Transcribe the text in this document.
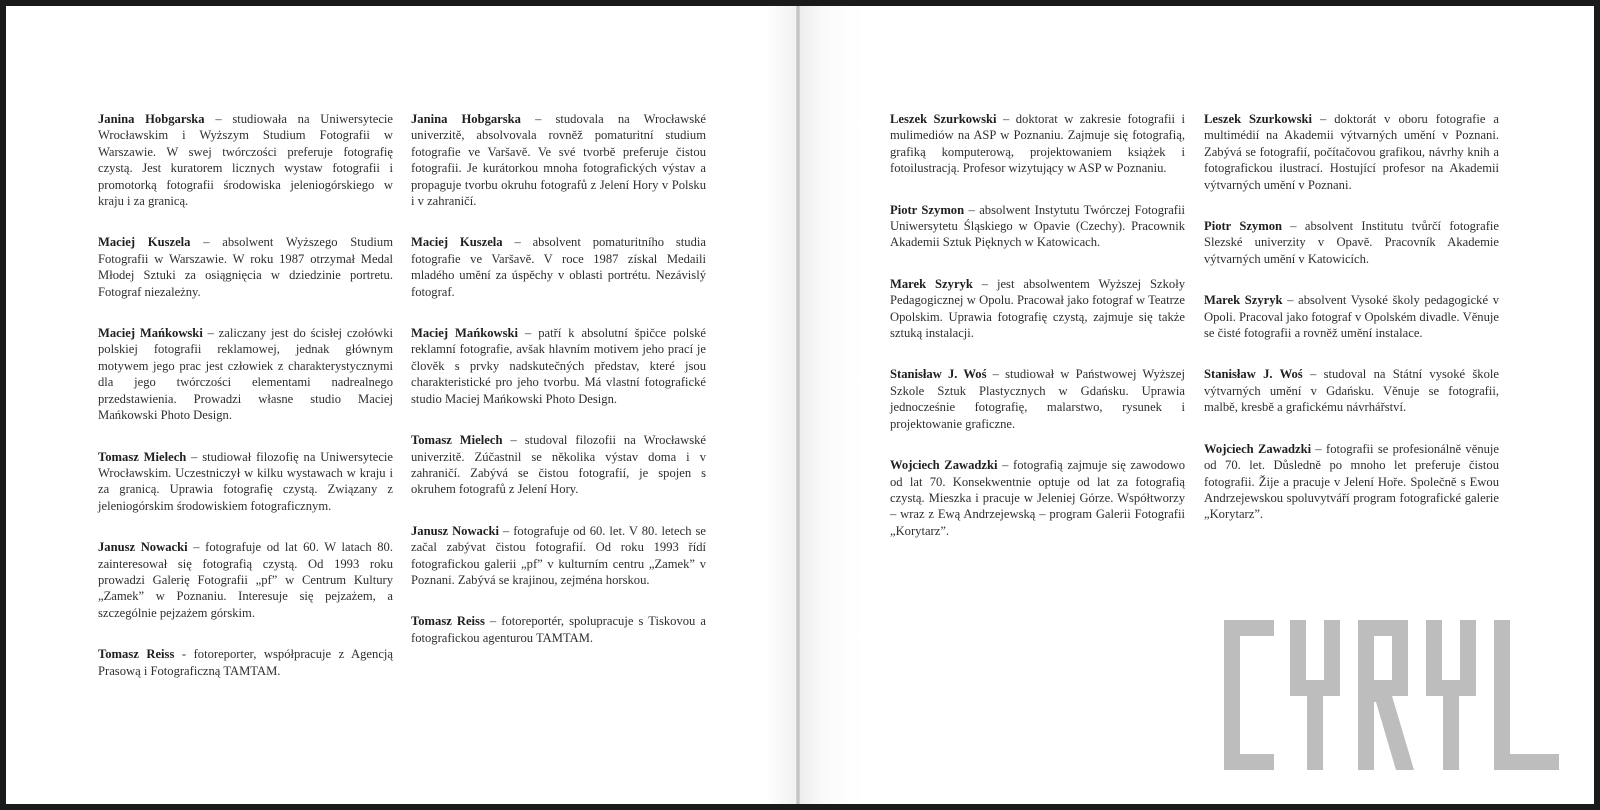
Janina Hobgarska – studiowała na Uniwersytecie Wrocławskim i Wyższym Studium Fotografii w Warszawie. W swej twórczości preferuje fotografię czystą. Jest kuratorem licznych wystaw fotografii i promotorką fotografii środowiska jeleniogórskiego w kraju i za granicą.

Maciej Kuszela – absolwent Wyższego Studium Fotografii w Warszawie. W roku 1987 otrzymał Medal Młodej Sztuki za osiągnięcia w dziedzinie portretu. Fotograf niezależny.

Maciej Mańkowski – zaliczany jest do ścisłej czołówki polskiej fotografii reklamowej, jednak głównym motywem jego prac jest człowiek z charakterystycznymi dla jego twórczości elementami nadrealnego przedstawienia. Prowadzi własne studio Maciej Mańkowski Photo Design.

Tomasz Mielech – studiował filozofię na Uniwersytecie Wrocławskim. Uczestniczył w kilku wystawach w kraju i za granicą. Uprawia fotografię czystą. Związany z jeleniogórskim środowiskiem fotograficznym.

Janusz Nowacki – fotografuje od lat 60. W latach 80. zainteresował się fotografią czystą. Od 1993 roku prowadzi Galerię Fotografii „pf” w Centrum Kultury „Zamek” w Poznaniu. Interesuje się pejzażem, a szczególnie pejzażem górskim.

Tomasz Reiss - fotoreporter, współpracuje z Agencją Prasową i Fotograficzną TAMTAM.

Janina Hobgarska – studovala na Wrocławské univerzitě, absolvovala rovněž pomaturitní studium fotografie ve Varšavě. Ve své tvorbě preferuje čistou fotografii. Je kurátorkou mnoha fotografických výstav a propaguje tvorbu okruhu fotografů z Jelení Hory v Polsku i v zahraničí.

Maciej Kuszela – absolvent pomaturitního studia fotografie ve Varšavě. V roce 1987 získal Medaili mladého umění za úspěchy v oblasti portrétu. Nezávislý fotograf.

Maciej Mańkowski – patří k absolutní špičce polské reklamní fotografie, avšak hlavním motivem jeho prací je člověk s prvky nadskutečných představ, které jsou charakteristické pro jeho tvorbu. Má vlastní fotografické studio Maciej Mańkowski Photo Design.

Tomasz Mielech – studoval filozofii na Wrocławské univerzitě. Zúčastnil se několika výstav doma i v zahraničí. Zabývá se čistou fotografií, je spojen s okruhem fotografů z Jelení Hory.

Janusz Nowacki – fotografuje od 60. let. V 80. letech se začal zabývat čistou fotografií. Od roku 1993 řídí fotografickou galerii „pf” v kulturním centru „Zamek” v Poznani. Zabývá se krajinou, zejména horskou.

Tomasz Reiss – fotoreportér, spolupracuje s Tiskovou a fotografickou agenturou TAMTAM.

Leszek Szurkowski – doktorat w zakresie fotografii i mulimediów na ASP w Poznaniu. Zajmuje się fotografią, grafiką komputerową, projektowaniem książek i fotoilustracją. Profesor wizytujący w ASP w Poznaniu.

Piotr Szymon – absolwent Instytutu Twórczej Fotografii Uniwersytetu Śląskiego w Opavie (Czechy). Pracownik Akademii Sztuk Pięknych w Katowicach.

Marek Szyryk – jest absolwentem Wyższej Szkoły Pedagogicznej w Opolu. Pracował jako fotograf w Teatrze Opolskim. Uprawia fotografię czystą, zajmuje się także sztuką instalacji.

Stanisław J. Woś – studiował w Państwowej Wyższej Szkole Sztuk Plastycznych w Gdańsku. Uprawia jednocześnie fotografię, malarstwo, rysunek i projektowanie graficzne.

Wojciech Zawadzki – fotografią zajmuje się zawodowo od lat 70. Konsekwentnie optuje od lat za fotografią czystą. Mieszka i pracuje w Jeleniej Górze. Współtworzy – wraz z Ewą Andrzejewską – program Galerii Fotografii „Korytarz”.

Leszek Szurkowski – doktorát v oboru fotografie a multimédií na Akademii výtvarných umění v Poznani. Zabývá se fotografií, počítačovou grafikou, návrhy knih a fotografickou ilustrací. Hostující profesor na Akademii výtvarných umění v Poznani.

Piotr Szymon – absolvent Institutu tvůrčí fotografie Slezské univerzity v Opavě. Pracovník Akademie výtvarných umění v Katowicích.

Marek Szyryk – absolvent Vysoké školy pedagogické v Opoli. Pracoval jako fotograf v Opolském divadle. Věnuje se čisté fotografii a rovněž umění instalace.

Stanisław J. Woś – studoval na Státní vysoké škole výtvarných umění v Gdańsku. Věnuje se fotografii, malbě, kresbě a grafickému návrhářství.

Wojciech Zawadzki – fotografii se profesionálně věnuje od 70. let. Důsledně po mnoho let preferuje čistou fotografii. Žije a pracuje v Jelení Hoře. Společně s Ewou Andrzejewskou spoluvytváří program fotografické galerie „Korytarz”.
